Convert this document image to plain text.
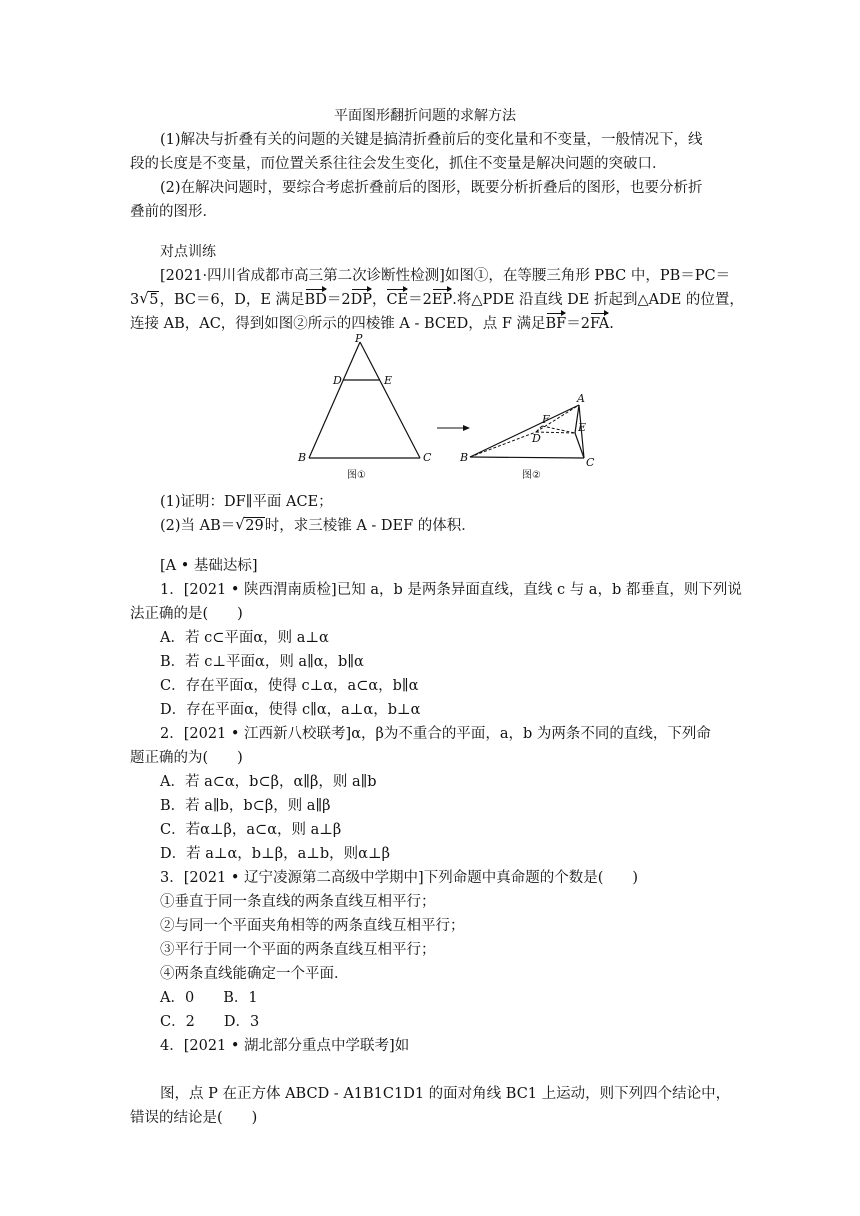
平面图形翻折问题的求解方法
(1)解决与折叠有关的问题的关键是搞清折叠前后的变化量和不变量，一般情况下，线
段的长度是不变量，而位置关系往往会发生变化，抓住不变量是解决问题的突破口．
(2)在解决问题时，要综合考虑折叠前后的图形，既要分析折叠后的图形，也要分析折
叠前的图形．
对点训练
[2021·四川省成都市高三第二次诊断性检测]如图①，在等腰三角形 PBC 中，PB＝PC＝
3 √ 5，BC＝6，D，E 满足BD＝2DP，CE＝2EP.将△PDE 沿直线 DE 折起到△ADE 的位置，
连接 AB，AC，得到如图②所示的四棱锥 A - BCED，点 F 满足BF＝2FA.
P
D	E
B	C
图①
A
F
D
E
B	C
图②
(1)证明：DF∥平面 ACE；
(2)当 AB＝ √ 29时，求三棱锥 A - DEF 的体积．
[A • 基础达标]
1．[2021 • 陕西渭南质检]已知 a，b 是两条异面直线，直线 c 与 a，b 都垂直，则下列说
法正确的是(　　)
A．若 c⊂平面α，则 a⊥α
B．若 c⊥平面α，则 a∥α，b∥α
C．存在平面α，使得 c⊥α，a⊂α，b∥α
D．存在平面α，使得 c∥α，a⊥α，b⊥α
2．[2021 • 江西新八校联考]α，β为不重合的平面，a，b 为两条不同的直线，下列命
题正确的为(　　)
A．若 a⊂α，b⊂β，α∥β，则 a∥b
B．若 a∥b，b⊂β，则 a∥β
C．若α⊥β，a⊂α，则 a⊥β
D．若 a⊥α，b⊥β，a⊥b，则α⊥β
3．[2021 • 辽宁凌源第二高级中学期中]下列命题中真命题的个数是(　　)
①垂直于同一条直线的两条直线互相平行；
②与同一个平面夹角相等的两条直线互相平行；
③平行于同一个平面的两条直线互相平行；
④两条直线能确定一个平面．
A．0　　B．1
C．2　　D．3
4．[2021 • 湖北部分重点中学联考]如
图，点 P 在正方体 ABCD - A1B1C1D1 的面对角线 BC1 上运动，则下列四个结论中，
错误的结论是(　　)
